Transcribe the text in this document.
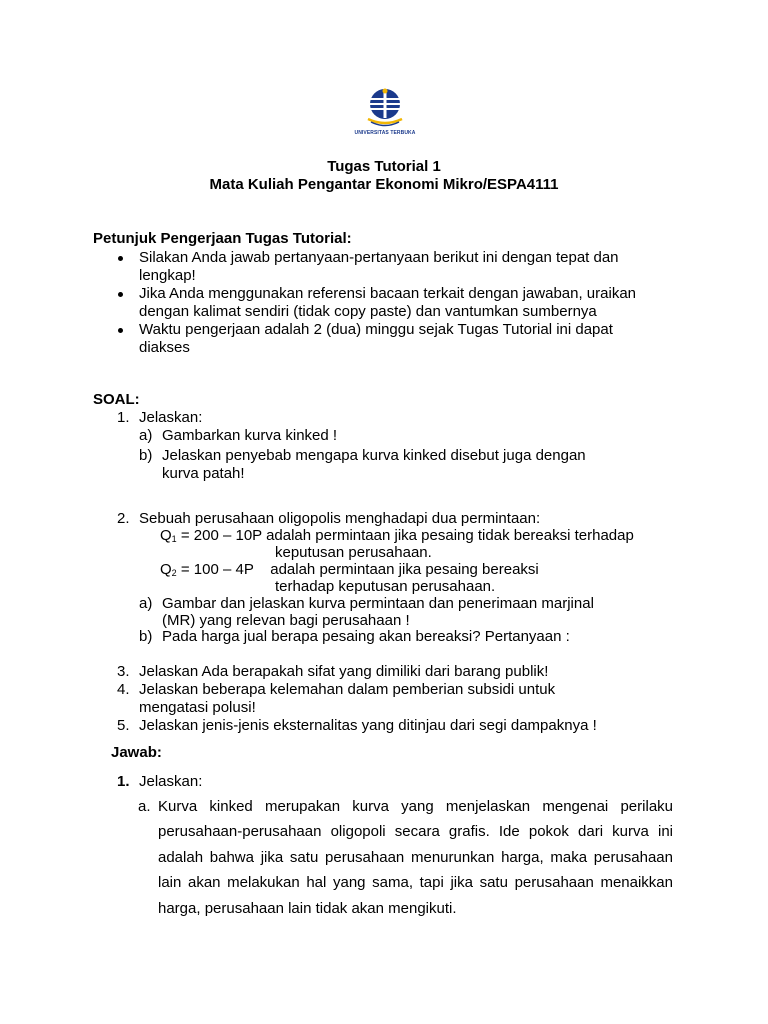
UNIVERSITAS TERBUKA
Tugas Tutorial 1
Mata Kuliah Pengantar Ekonomi Mikro/ESPA4111
Petunjuk Pengerjaan Tugas Tutorial:
Silakan Anda jawab pertanyaan-pertanyaan berikut ini dengan tepat dan
lengkap!
Jika Anda menggunakan referensi bacaan terkait dengan jawaban, uraikan
dengan kalimat sendiri (tidak copy paste) dan vantumkan sumbernya
Waktu pengerjaan adalah 2 (dua) minggu sejak Tugas Tutorial ini dapat
diakses
SOAL:
1. Jelaskan:
a) Gambarkan kurva kinked !
b) Jelaskan penyebab mengapa kurva kinked disebut juga dengan
kurva patah!
2. Sebuah perusahaan oligopolis menghadapi dua permintaan:
$Q_1 = 200 - 10P$ adalah permintaan jika pesaing tidak bereaksi terhadap
keputusan perusahaan.
$Q_2 = 100 - 4P$    adalah permintaan jika pesaing bereaksi
terhadap keputusan perusahaan.
a) Gambar dan jelaskan kurva permintaan dan penerimaan marjinal
(MR) yang relevan bagi perusahaan !
b) Pada harga jual berapa pesaing akan bereaksi? Pertanyaan :
3. Jelaskan Ada berapakah sifat yang dimiliki dari barang publik!
4. Jelaskan beberapa kelemahan dalam pemberian subsidi untuk
mengatasi polusi!
5. Jelaskan jenis-jenis eksternalitas yang ditinjau dari segi dampaknya !
Jawab:
1. Jelaskan:
a. Kurva kinked merupakan kurva yang menjelaskan mengenai perilaku
perusahaan-perusahaan oligopoli secara grafis. Ide pokok dari kurva ini
adalah bahwa jika satu perusahaan menurunkan harga, maka perusahaan
lain akan melakukan hal yang sama, tapi jika satu perusahaan menaikkan
harga, perusahaan lain tidak akan mengikuti.
